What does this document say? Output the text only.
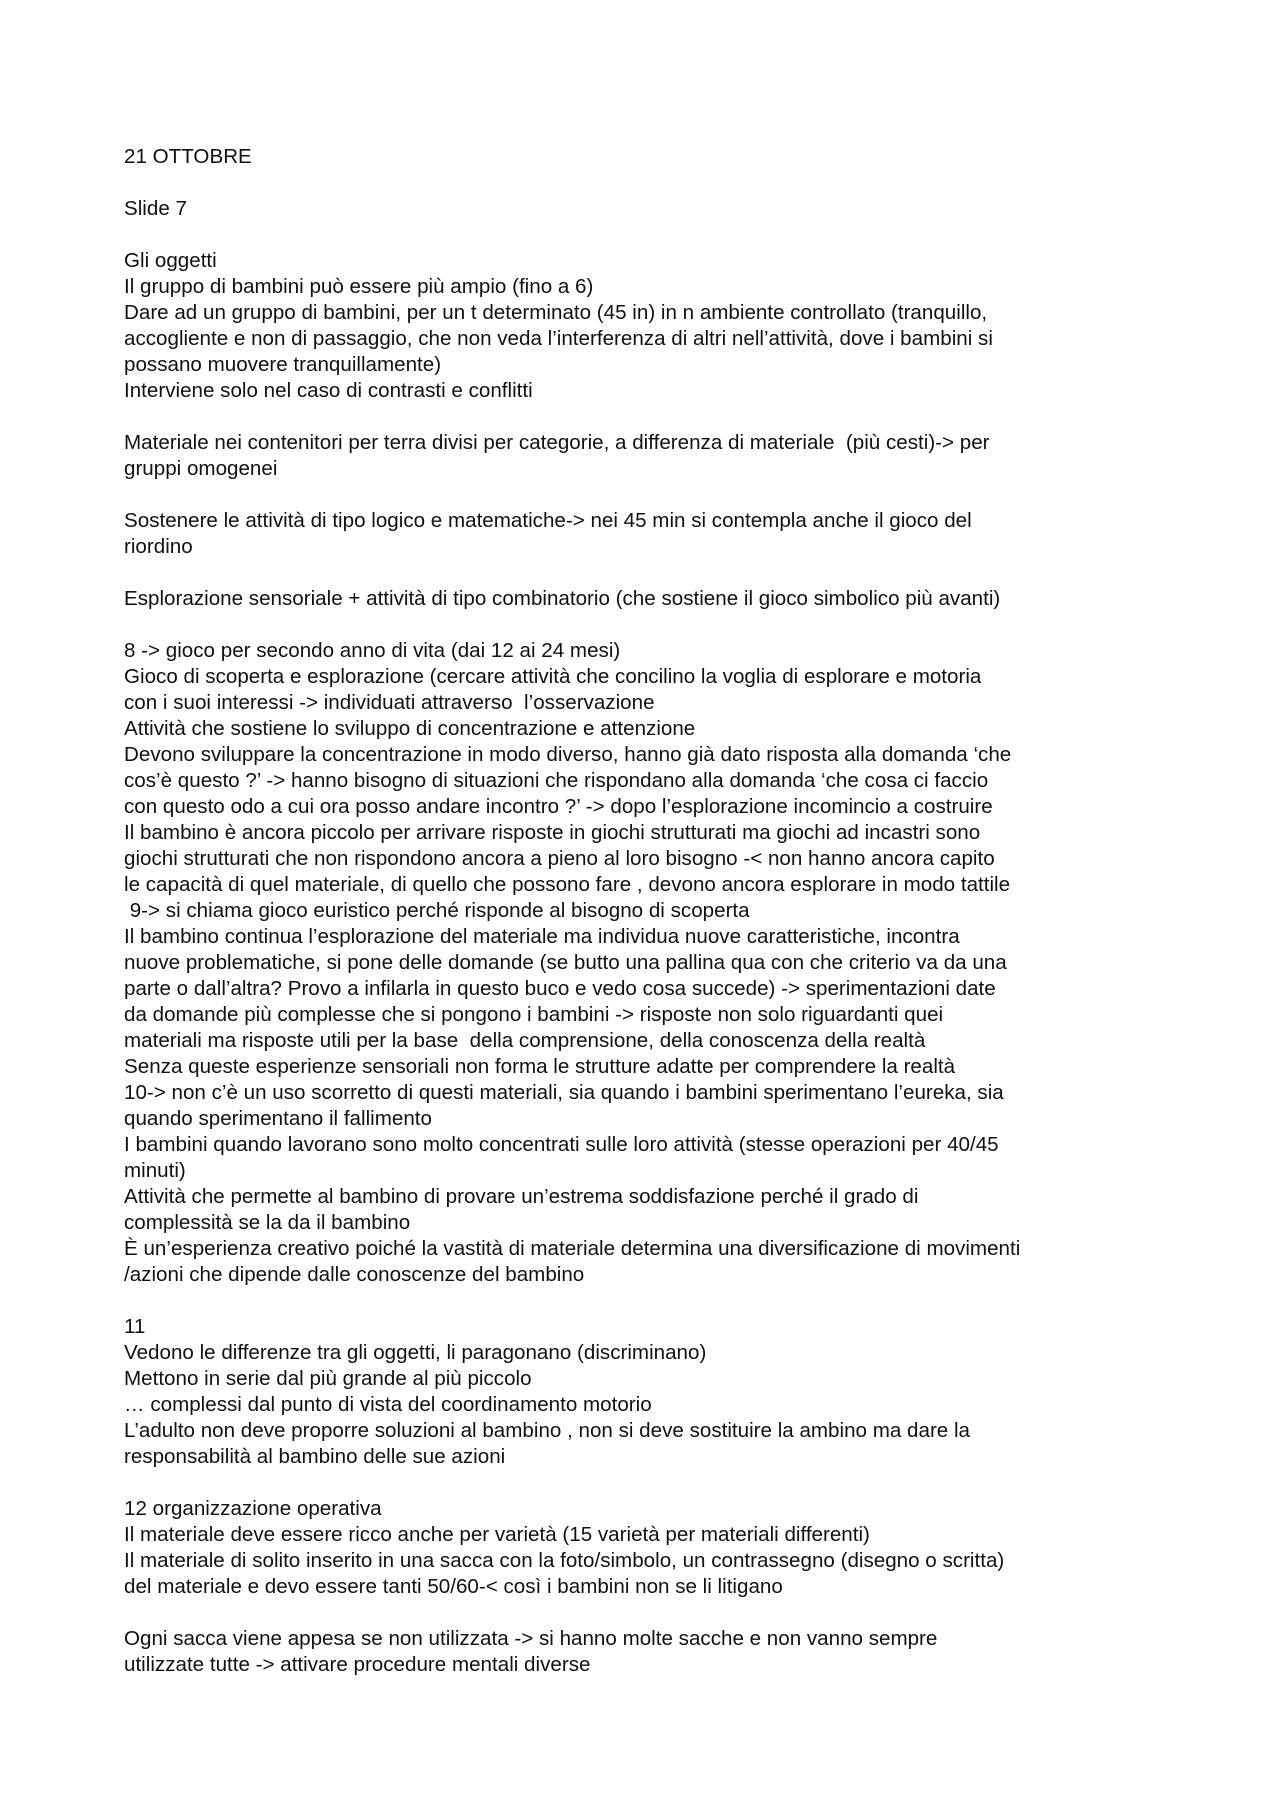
21 OTTOBRE
Slide 7
Gli oggetti
Il gruppo di bambini può essere più ampio (fino a 6)
Dare ad un gruppo di bambini, per un t determinato (45 in) in n ambiente controllato (tranquillo,
accogliente e non di passaggio, che non veda l’interferenza di altri nell’attività, dove i bambini si
possano muovere tranquillamente)
Interviene solo nel caso di contrasti e conflitti
Materiale nei contenitori per terra divisi per categorie, a differenza di materiale  (più cesti)-> per
gruppi omogenei
Sostenere le attività di tipo logico e matematiche-> nei 45 min si contempla anche il gioco del
riordino
Esplorazione sensoriale + attività di tipo combinatorio (che sostiene il gioco simbolico più avanti)
8 -> gioco per secondo anno di vita (dai 12 ai 24 mesi)
Gioco di scoperta e esplorazione (cercare attività che concilino la voglia di esplorare e motoria
con i suoi interessi -> individuati attraverso  l’osservazione
Attività che sostiene lo sviluppo di concentrazione e attenzione
Devono sviluppare la concentrazione in modo diverso, hanno già dato risposta alla domanda ‘che
cos’è questo ?’ -> hanno bisogno di situazioni che rispondano alla domanda ‘che cosa ci faccio
con questo odo a cui ora posso andare incontro ?’ -> dopo l’esplorazione incomincio a costruire
Il bambino è ancora piccolo per arrivare risposte in giochi strutturati ma giochi ad incastri sono
giochi strutturati che non rispondono ancora a pieno al loro bisogno -< non hanno ancora capito
le capacità di quel materiale, di quello che possono fare , devono ancora esplorare in modo tattile
9-> si chiama gioco euristico perché risponde al bisogno di scoperta
Il bambino continua l’esplorazione del materiale ma individua nuove caratteristiche, incontra
nuove problematiche, si pone delle domande (se butto una pallina qua con che criterio va da una
parte o dall’altra? Provo a infilarla in questo buco e vedo cosa succede) -> sperimentazioni date
da domande più complesse che si pongono i bambini -> risposte non solo riguardanti quei
materiali ma risposte utili per la base  della comprensione, della conoscenza della realtà
Senza queste esperienze sensoriali non forma le strutture adatte per comprendere la realtà
10-> non c’è un uso scorretto di questi materiali, sia quando i bambini sperimentano l’eureka, sia
quando sperimentano il fallimento
I bambini quando lavorano sono molto concentrati sulle loro attività (stesse operazioni per 40/45
minuti)
Attività che permette al bambino di provare un’estrema soddisfazione perché il grado di
complessità se la da il bambino
È un’esperienza creativo poiché la vastità di materiale determina una diversificazione di movimenti
/azioni che dipende dalle conoscenze del bambino
11
Vedono le differenze tra gli oggetti, li paragonano (discriminano)
Mettono in serie dal più grande al più piccolo
… complessi dal punto di vista del coordinamento motorio
L’adulto non deve proporre soluzioni al bambino , non si deve sostituire la ambino ma dare la
responsabilità al bambino delle sue azioni
12 organizzazione operativa
Il materiale deve essere ricco anche per varietà (15 varietà per materiali differenti)
Il materiale di solito inserito in una sacca con la foto/simbolo, un contrassegno (disegno o scritta)
del materiale e devo essere tanti 50/60-< così i bambini non se li litigano
Ogni sacca viene appesa se non utilizzata -> si hanno molte sacche e non vanno sempre
utilizzate tutte -> attivare procedure mentali diverse
